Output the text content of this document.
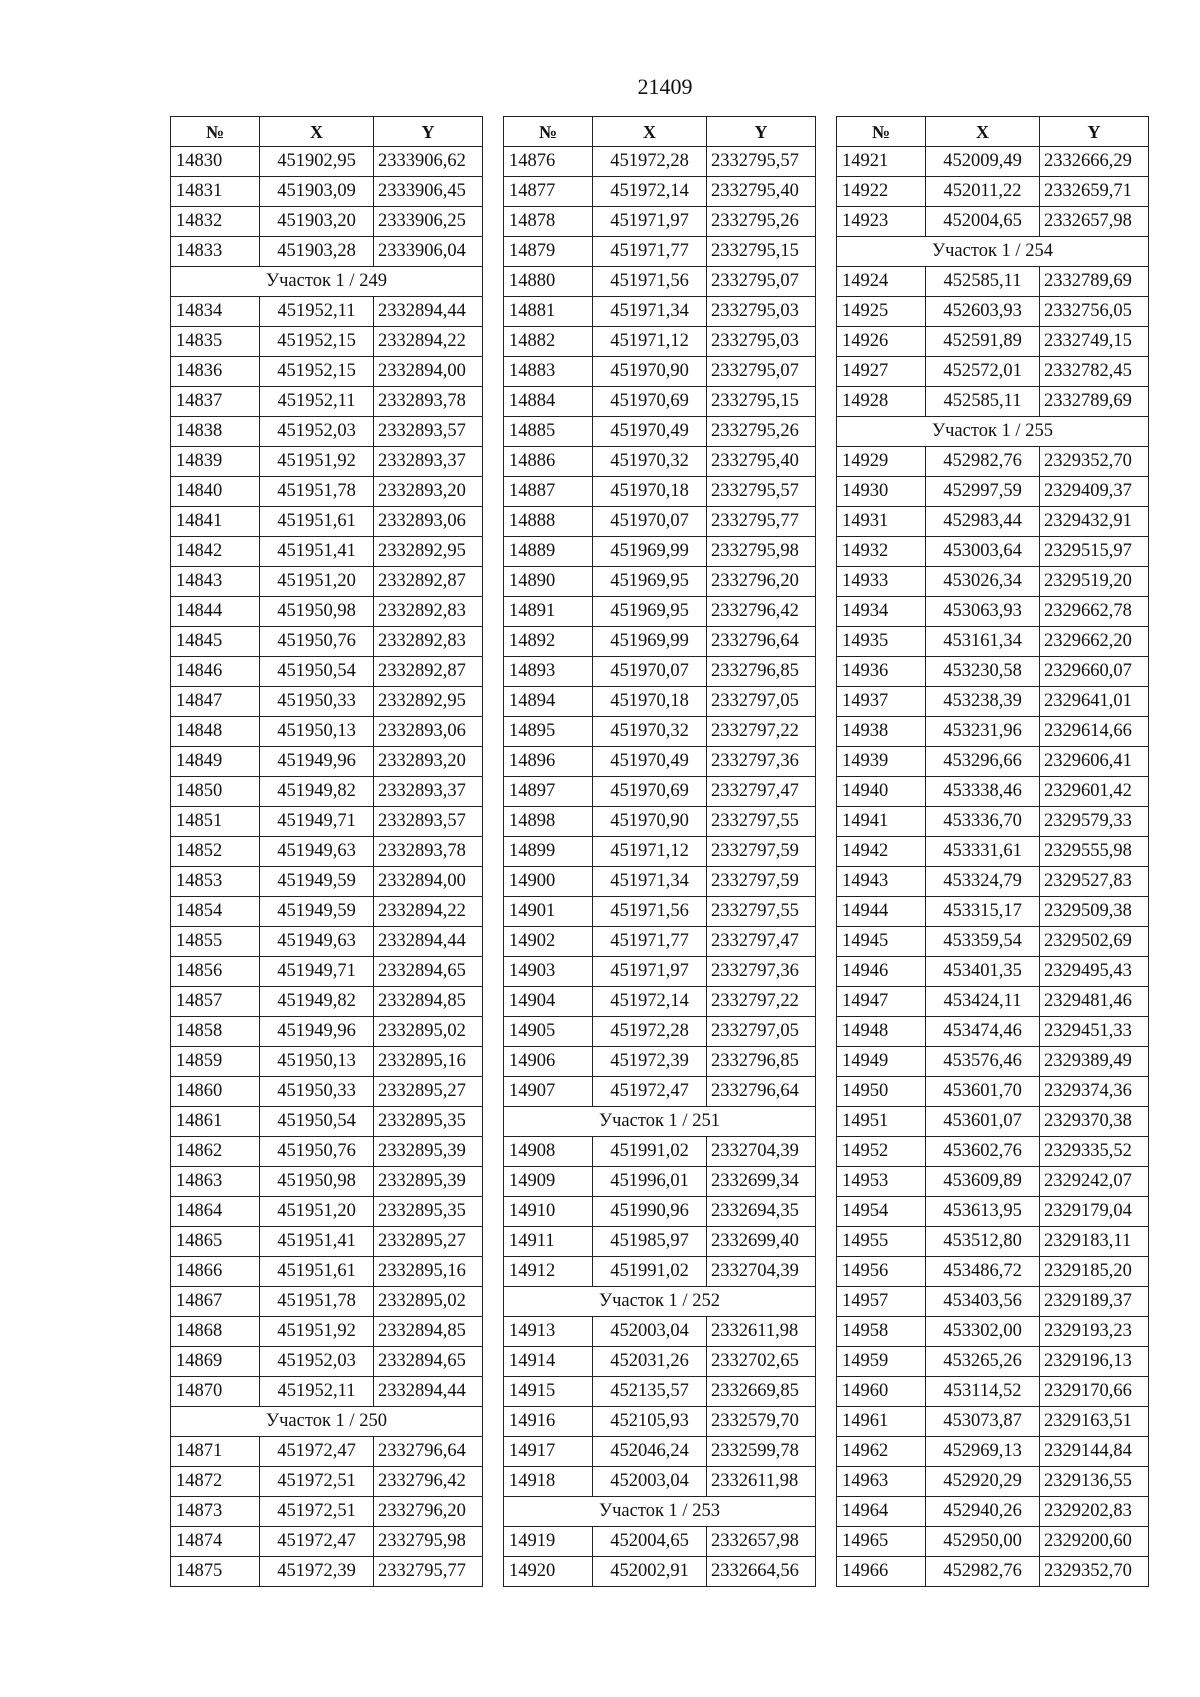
21409
№	X	Y
14830	451902,95	2333906,62
14831	451903,09	2333906,45
14832	451903,20	2333906,25
14833	451903,28	2333906,04
Участок 1 / 249		
14834	451952,11	2332894,44
14835	451952,15	2332894,22
14836	451952,15	2332894,00
14837	451952,11	2332893,78
14838	451952,03	2332893,57
14839	451951,92	2332893,37
14840	451951,78	2332893,20
14841	451951,61	2332893,06
14842	451951,41	2332892,95
14843	451951,20	2332892,87
14844	451950,98	2332892,83
14845	451950,76	2332892,83
14846	451950,54	2332892,87
14847	451950,33	2332892,95
14848	451950,13	2332893,06
14849	451949,96	2332893,20
14850	451949,82	2332893,37
14851	451949,71	2332893,57
14852	451949,63	2332893,78
14853	451949,59	2332894,00
14854	451949,59	2332894,22
14855	451949,63	2332894,44
14856	451949,71	2332894,65
14857	451949,82	2332894,85
14858	451949,96	2332895,02
14859	451950,13	2332895,16
14860	451950,33	2332895,27
14861	451950,54	2332895,35
14862	451950,76	2332895,39
14863	451950,98	2332895,39
14864	451951,20	2332895,35
14865	451951,41	2332895,27
14866	451951,61	2332895,16
14867	451951,78	2332895,02
14868	451951,92	2332894,85
14869	451952,03	2332894,65
14870	451952,11	2332894,44
Участок 1 / 250		
14871	451972,47	2332796,64
14872	451972,51	2332796,42
14873	451972,51	2332796,20
14874	451972,47	2332795,98
14875	451972,39	2332795,77
№	X	Y
14876	451972,28	2332795,57
14877	451972,14	2332795,40
14878	451971,97	2332795,26
14879	451971,77	2332795,15
14880	451971,56	2332795,07
14881	451971,34	2332795,03
14882	451971,12	2332795,03
14883	451970,90	2332795,07
14884	451970,69	2332795,15
14885	451970,49	2332795,26
14886	451970,32	2332795,40
14887	451970,18	2332795,57
14888	451970,07	2332795,77
14889	451969,99	2332795,98
14890	451969,95	2332796,20
14891	451969,95	2332796,42
14892	451969,99	2332796,64
14893	451970,07	2332796,85
14894	451970,18	2332797,05
14895	451970,32	2332797,22
14896	451970,49	2332797,36
14897	451970,69	2332797,47
14898	451970,90	2332797,55
14899	451971,12	2332797,59
14900	451971,34	2332797,59
14901	451971,56	2332797,55
14902	451971,77	2332797,47
14903	451971,97	2332797,36
14904	451972,14	2332797,22
14905	451972,28	2332797,05
14906	451972,39	2332796,85
14907	451972,47	2332796,64
Участок 1 / 251		
14908	451991,02	2332704,39
14909	451996,01	2332699,34
14910	451990,96	2332694,35
14911	451985,97	2332699,40
14912	451991,02	2332704,39
Участок 1 / 252		
14913	452003,04	2332611,98
14914	452031,26	2332702,65
14915	452135,57	2332669,85
14916	452105,93	2332579,70
14917	452046,24	2332599,78
14918	452003,04	2332611,98
Участок 1 / 253		
14919	452004,65	2332657,98
14920	452002,91	2332664,56
№	X	Y
14921	452009,49	2332666,29
14922	452011,22	2332659,71
14923	452004,65	2332657,98
Участок 1 / 254		
14924	452585,11	2332789,69
14925	452603,93	2332756,05
14926	452591,89	2332749,15
14927	452572,01	2332782,45
14928	452585,11	2332789,69
Участок 1 / 255		
14929	452982,76	2329352,70
14930	452997,59	2329409,37
14931	452983,44	2329432,91
14932	453003,64	2329515,97
14933	453026,34	2329519,20
14934	453063,93	2329662,78
14935	453161,34	2329662,20
14936	453230,58	2329660,07
14937	453238,39	2329641,01
14938	453231,96	2329614,66
14939	453296,66	2329606,41
14940	453338,46	2329601,42
14941	453336,70	2329579,33
14942	453331,61	2329555,98
14943	453324,79	2329527,83
14944	453315,17	2329509,38
14945	453359,54	2329502,69
14946	453401,35	2329495,43
14947	453424,11	2329481,46
14948	453474,46	2329451,33
14949	453576,46	2329389,49
14950	453601,70	2329374,36
14951	453601,07	2329370,38
14952	453602,76	2329335,52
14953	453609,89	2329242,07
14954	453613,95	2329179,04
14955	453512,80	2329183,11
14956	453486,72	2329185,20
14957	453403,56	2329189,37
14958	453302,00	2329193,23
14959	453265,26	2329196,13
14960	453114,52	2329170,66
14961	453073,87	2329163,51
14962	452969,13	2329144,84
14963	452920,29	2329136,55
14964	452940,26	2329202,83
14965	452950,00	2329200,60
14966	452982,76	2329352,70
